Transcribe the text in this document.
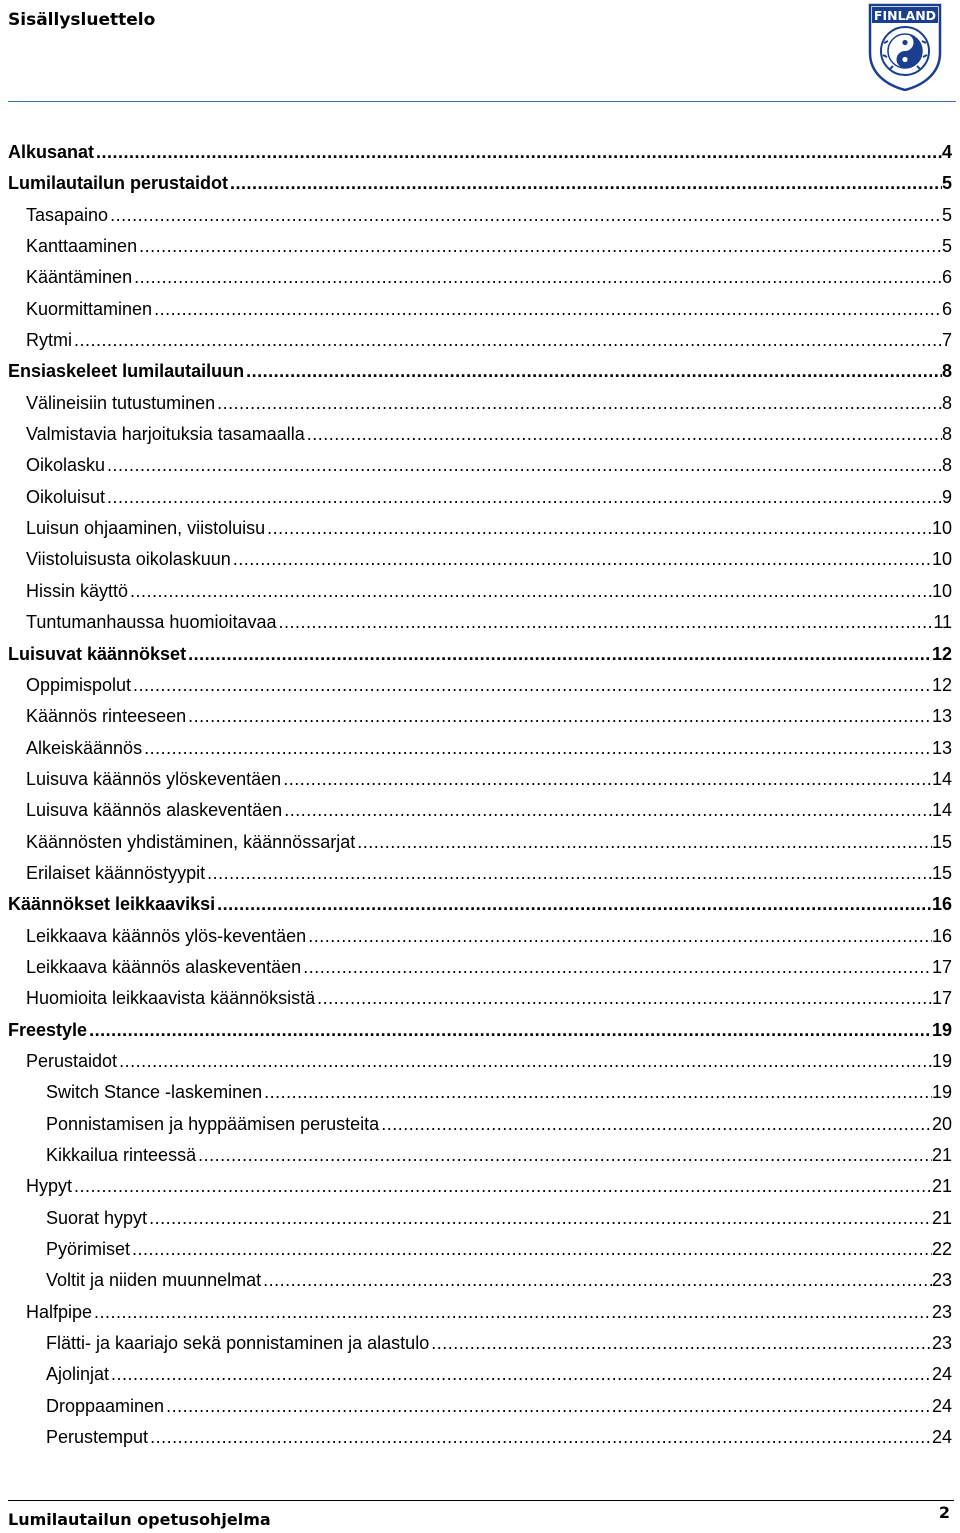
Sisällysluettelo	FINLAND
Alkusanat .....	4
Lumilautailun perustaidot .....	5
Tasapaino .....	5
Kanttaaminen .....	5
Kääntäminen .....	6
Kuormittaminen .....	6
Rytmi .....	7
Ensiaskeleet lumilautailuun .....	8
Välineisiin tutustuminen .....	8
Valmistavia harjoituksia tasamaalla .....	8
Oikolasku .....	8
Oikoluisut .....	9
Luisun ohjaaminen, viistoluisu .....	10
Viistoluisusta oikolaskuun .....	10
Hissin käyttö .....	10
Tuntumanhaussa huomioitavaa .....	11
Luisuvat käännökset .....	12
Oppimispolut .....	12
Käännös rinteeseen .....	13
Alkeiskäännös .....	13
Luisuva käännös ylöskeventäen .....	14
Luisuva käännös alaskeventäen .....	14
Käännösten yhdistäminen, käännössarjat .....	15
Erilaiset käännöstyypit .....	15
Käännökset leikkaaviksi .....	16
Leikkaava käännös ylös-keventäen .....	16
Leikkaava käännös alaskeventäen .....	17
Huomioita leikkaavista käännöksistä .....	17
Freestyle .....	19
Perustaidot .....	19
Switch Stance -laskeminen .....	19
Ponnistamisen ja hyppäämisen perusteita .....	20
Kikkailua rinteessä .....	21
Hypyt .....	21
Suorat hypyt .....	21
Pyörimiset .....	22
Voltit ja niiden muunnelmat .....	23
Halfpipe .....	23
Flätti- ja kaariajo sekä ponnistaminen ja alastulo .....	23
Ajolinjat .....	24
Droppaaminen .....	24
Perustemput .....	24
Lumilautailun opetusohjelma	2
